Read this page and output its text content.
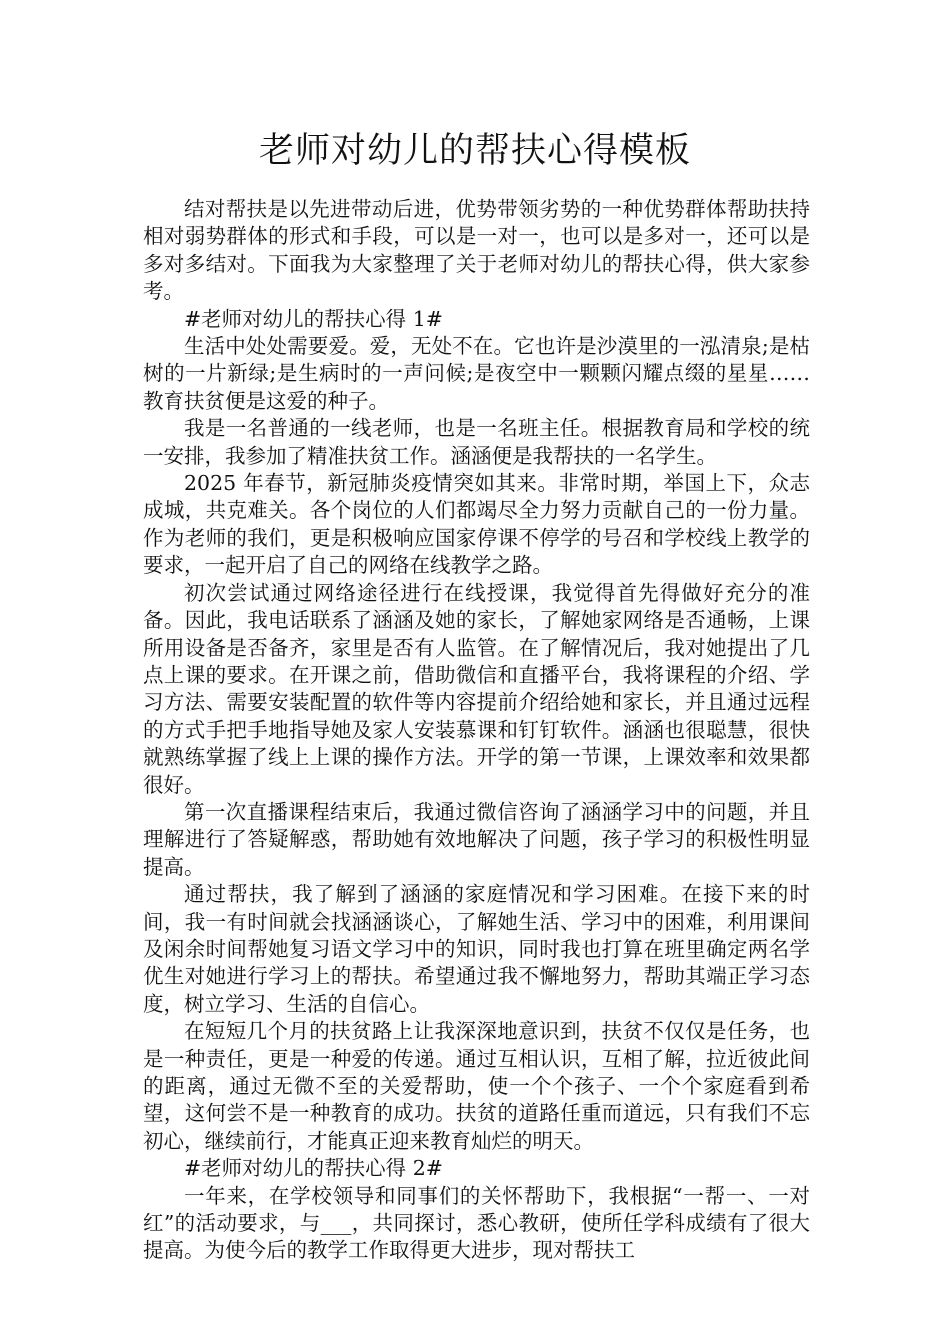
老师对幼儿的帮扶心得模板

结对帮扶是以先进带动后进，优势带领劣势的一种优势群体帮助扶持相对弱势群体的形式和手段，可以是一对一，也可以是多对一，还可以是多对多结对。下面我为大家整理了关于老师对幼儿的帮扶心得，供大家参考。

#老师对幼儿的帮扶心得 1#

生活中处处需要爱。爱，无处不在。它也许是沙漠里的一泓清泉;是枯树的一片新绿;是生病时的一声问候;是夜空中一颗颗闪耀点缀的星星……教育扶贫便是这爱的种子。

我是一名普通的一线老师，也是一名班主任。根据教育局和学校的统一安排，我参加了精准扶贫工作。涵涵便是我帮扶的一名学生。

2025 年春节，新冠肺炎疫情突如其来。非常时期，举国上下，众志成城，共克难关。各个岗位的人们都竭尽全力努力贡献自己的一份力量。作为老师的我们，更是积极响应国家停课不停学的号召和学校线上教学的要求，一起开启了自己的网络在线教学之路。

初次尝试通过网络途径进行在线授课，我觉得首先得做好充分的准备。因此，我电话联系了涵涵及她的家长，了解她家网络是否通畅，上课所用设备是否备齐，家里是否有人监管。在了解情况后，我对她提出了几点上课的要求。在开课之前，借助微信和直播平台，我将课程的介绍、学习方法、需要安装配置的软件等内容提前介绍给她和家长，并且通过远程的方式手把手地指导她及家人安装慕课和钉钉软件。涵涵也很聪慧，很快就熟练掌握了线上上课的操作方法。开学的第一节课，上课效率和效果都很好。

第一次直播课程结束后，我通过微信咨询了涵涵学习中的问题，并且理解进行了答疑解惑，帮助她有效地解决了问题，孩子学习的积极性明显提高。

通过帮扶，我了解到了涵涵的家庭情况和学习困难。在接下来的时间，我一有时间就会找涵涵谈心，了解她生活、学习中的困难，利用课间及闲余时间帮她复习语文学习中的知识，同时我也打算在班里确定两名学优生对她进行学习上的帮扶。希望通过我不懈地努力，帮助其端正学习态度，树立学习、生活的自信心。

在短短几个月的扶贫路上让我深深地意识到，扶贫不仅仅是任务，也是一种责任，更是一种爱的传递。通过互相认识，互相了解，拉近彼此间的距离，通过无微不至的关爱帮助，使一个个孩子、一个个家庭看到希望，这何尝不是一种教育的成功。扶贫的道路任重而道远，只有我们不忘初心，继续前行，才能真正迎来教育灿烂的明天。

#老师对幼儿的帮扶心得 2#

一年来，在学校领导和同事们的关怀帮助下，我根据“一帮一、一对红”的活动要求，与___，共同探讨，悉心教研，使所任学科成绩有了很大提高。为使今后的教学工作取得更大进步，现对帮扶工
